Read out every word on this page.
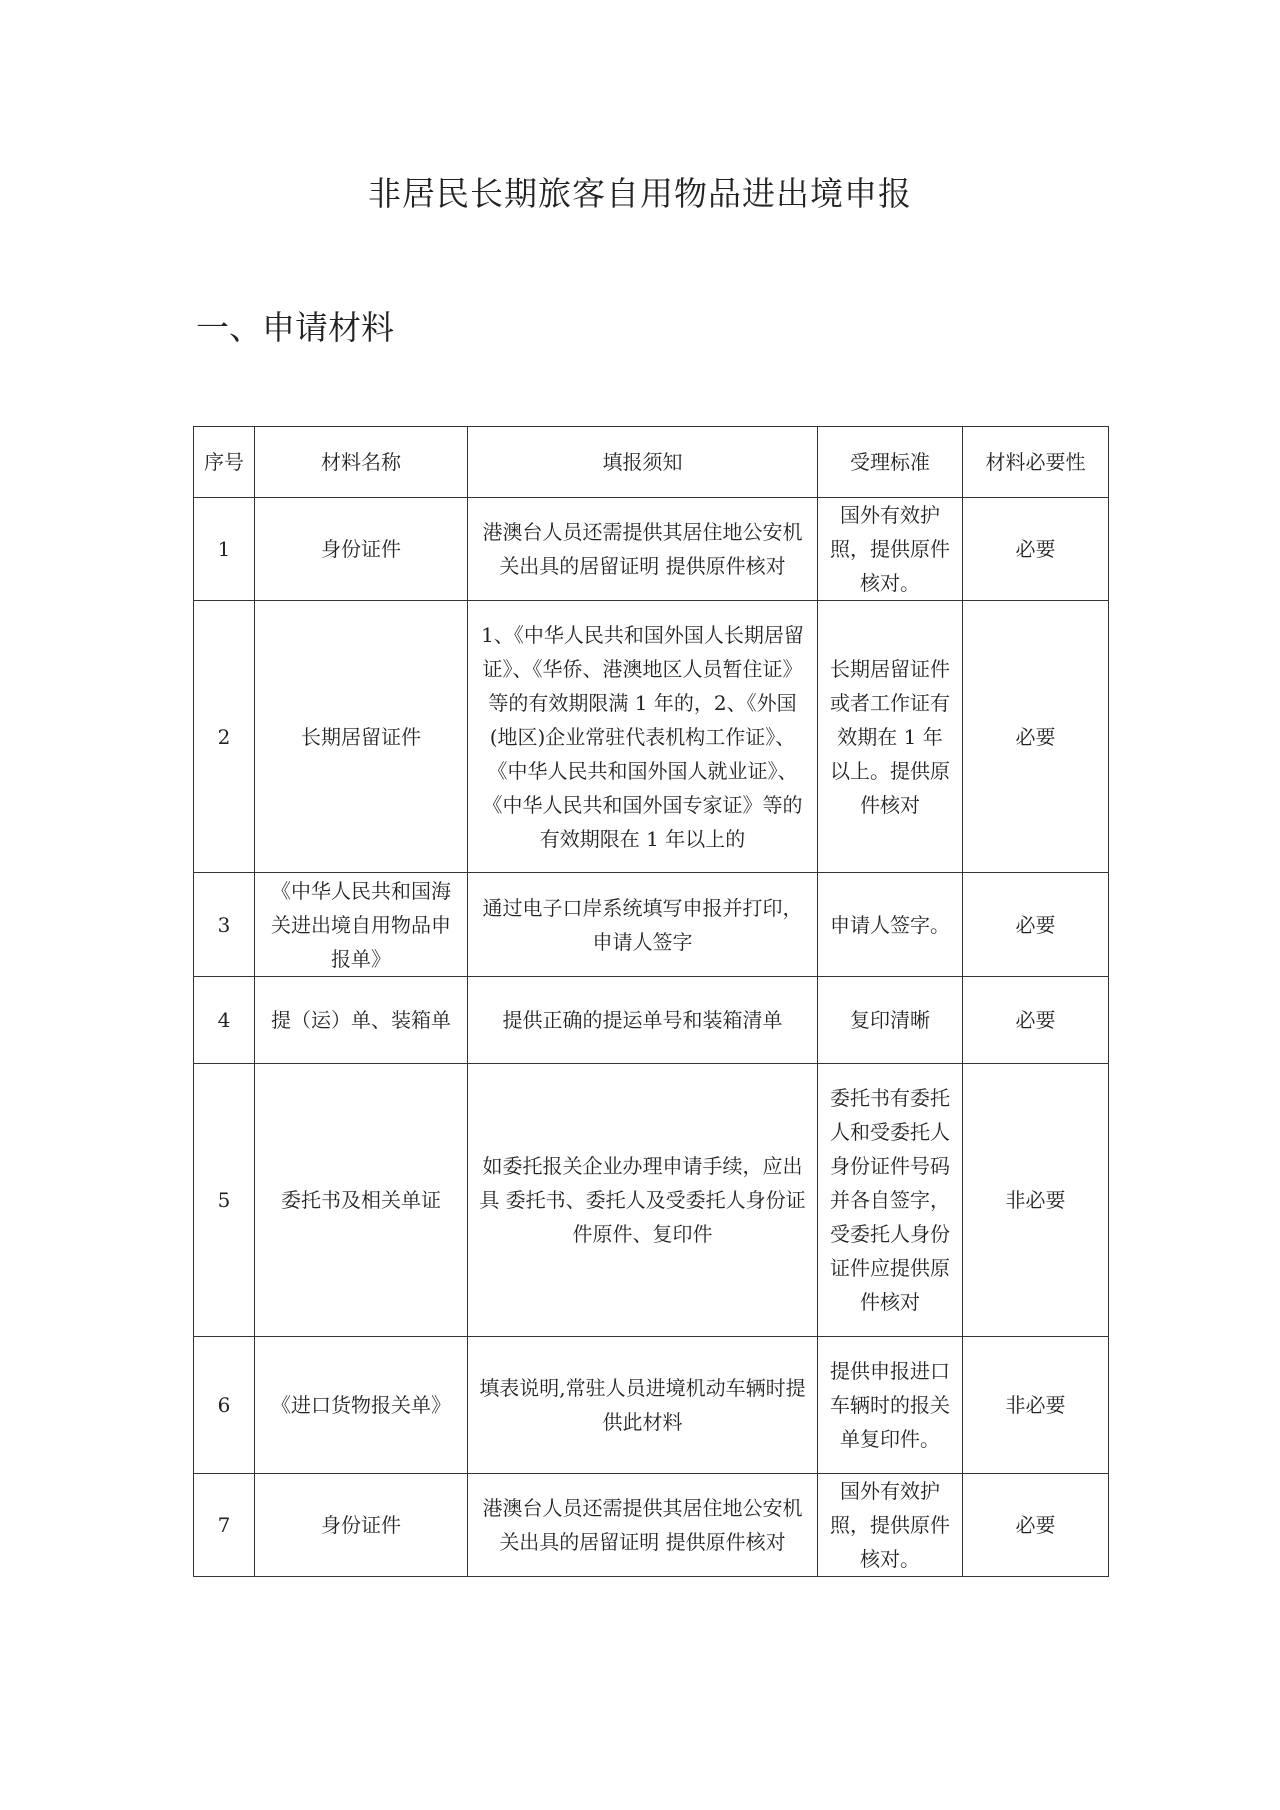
非居民长期旅客自用物品进出境申报
一、申请材料
序号	材料名称	填报须知	受理标准	材料必要性
1	身份证件	港澳台人员还需提供其居住地公安机关出具的居留证明 提供原件核对	国外有效护照，提供原件核对。	必要
2	长期居留证件	1、《中华人民共和国外国人长期居留证》、《华侨、港澳地区人员暂住证》等的有效期限满 1 年的，2、《外国(地区)企业常驻代表机构工作证》、《中华人民共和国外国人就业证》、《中华人民共和国外国专家证》等的有效期限在 1 年以上的	长期居留证件或者工作证有效期在 1 年以上。提供原件核对	必要
3	《中华人民共和国海关进出境自用物品申报单》	通过电子口岸系统填写申报并打印，申请人签字	申请人签字。	必要
4	提（运）单、装箱单	提供正确的提运单号和装箱清单	复印清晰	必要
5	委托书及相关单证	如委托报关企业办理申请手续，应出具 委托书、委托人及受委托人身份证件原件、复印件	委托书有委托人和受委托人身份证件号码并各自签字，受委托人身份证件应提供原件核对	非必要
6	《进口货物报关单》	填表说明,常驻人员进境机动车辆时提供此材料	提供申报进口车辆时的报关单复印件。	非必要
7	身份证件	港澳台人员还需提供其居住地公安机关出具的居留证明 提供原件核对	国外有效护照，提供原件核对。	必要
